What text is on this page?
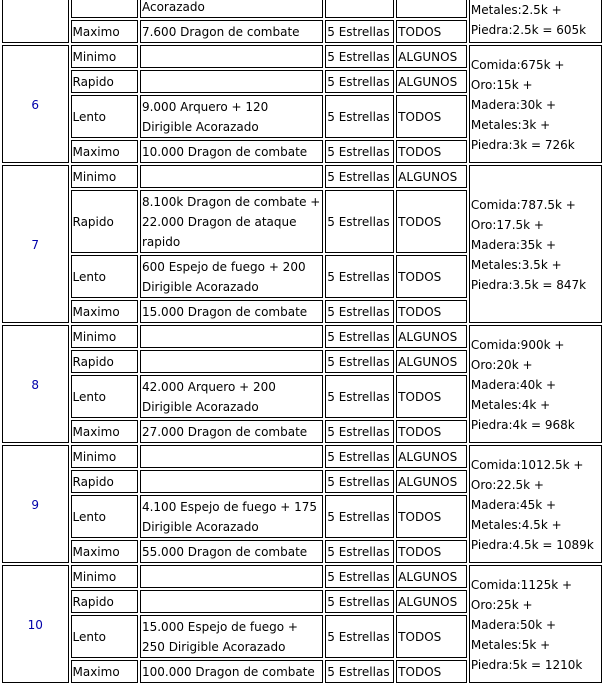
		Acorazado			Metales:2.5k + Piedra:2.5k = 605k
	Maximo	7.600 Dragon de combate	5 Estrellas	TODOS	
6	Minimo		5 Estrellas	ALGUNOS	Comida:675k + Oro:15k + Madera:30k + Metales:3k + Piedra:3k = 726k
	Rapido		5 Estrellas	ALGUNOS	
	Lento	9.000 Arquero + 120 Dirigible Acorazado	5 Estrellas	TODOS	
	Maximo	10.000 Dragon de combate	5 Estrellas	TODOS	
7	Minimo		5 Estrellas	ALGUNOS	Comida:787.5k + Oro:17.5k + Madera:35k + Metales:3.5k + Piedra:3.5k = 847k
	Rapido	8.100k Dragon de combate + 22.000 Dragon de ataque rapido	5 Estrellas	TODOS	
	Lento	600 Espejo de fuego + 200 Dirigible Acorazado	5 Estrellas	TODOS	
	Maximo	15.000 Dragon de combate	5 Estrellas	TODOS	
8	Minimo		5 Estrellas	ALGUNOS	Comida:900k + Oro:20k + Madera:40k + Metales:4k + Piedra:4k = 968k
	Rapido		5 Estrellas	ALGUNOS	
	Lento	42.000 Arquero + 200 Dirigible Acorazado	5 Estrellas	TODOS	
	Maximo	27.000 Dragon de combate	5 Estrellas	TODOS	
9	Minimo		5 Estrellas	ALGUNOS	Comida:1012.5k + Oro:22.5k + Madera:45k + Metales:4.5k + Piedra:4.5k = 1089k
	Rapido		5 Estrellas	ALGUNOS	
	Lento	4.100 Espejo de fuego + 175 Dirigible Acorazado	5 Estrellas	TODOS	
	Maximo	55.000 Dragon de combate	5 Estrellas	TODOS	
10	Minimo		5 Estrellas	ALGUNOS	Comida:1125k + Oro:25k + Madera:50k + Metales:5k + Piedra:5k = 1210k
	Rapido		5 Estrellas	ALGUNOS	
	Lento	15.000 Espejo de fuego + 250 Dirigible Acorazado	5 Estrellas	TODOS	
	Maximo	100.000 Dragon de combate	5 Estrellas	TODOS	
